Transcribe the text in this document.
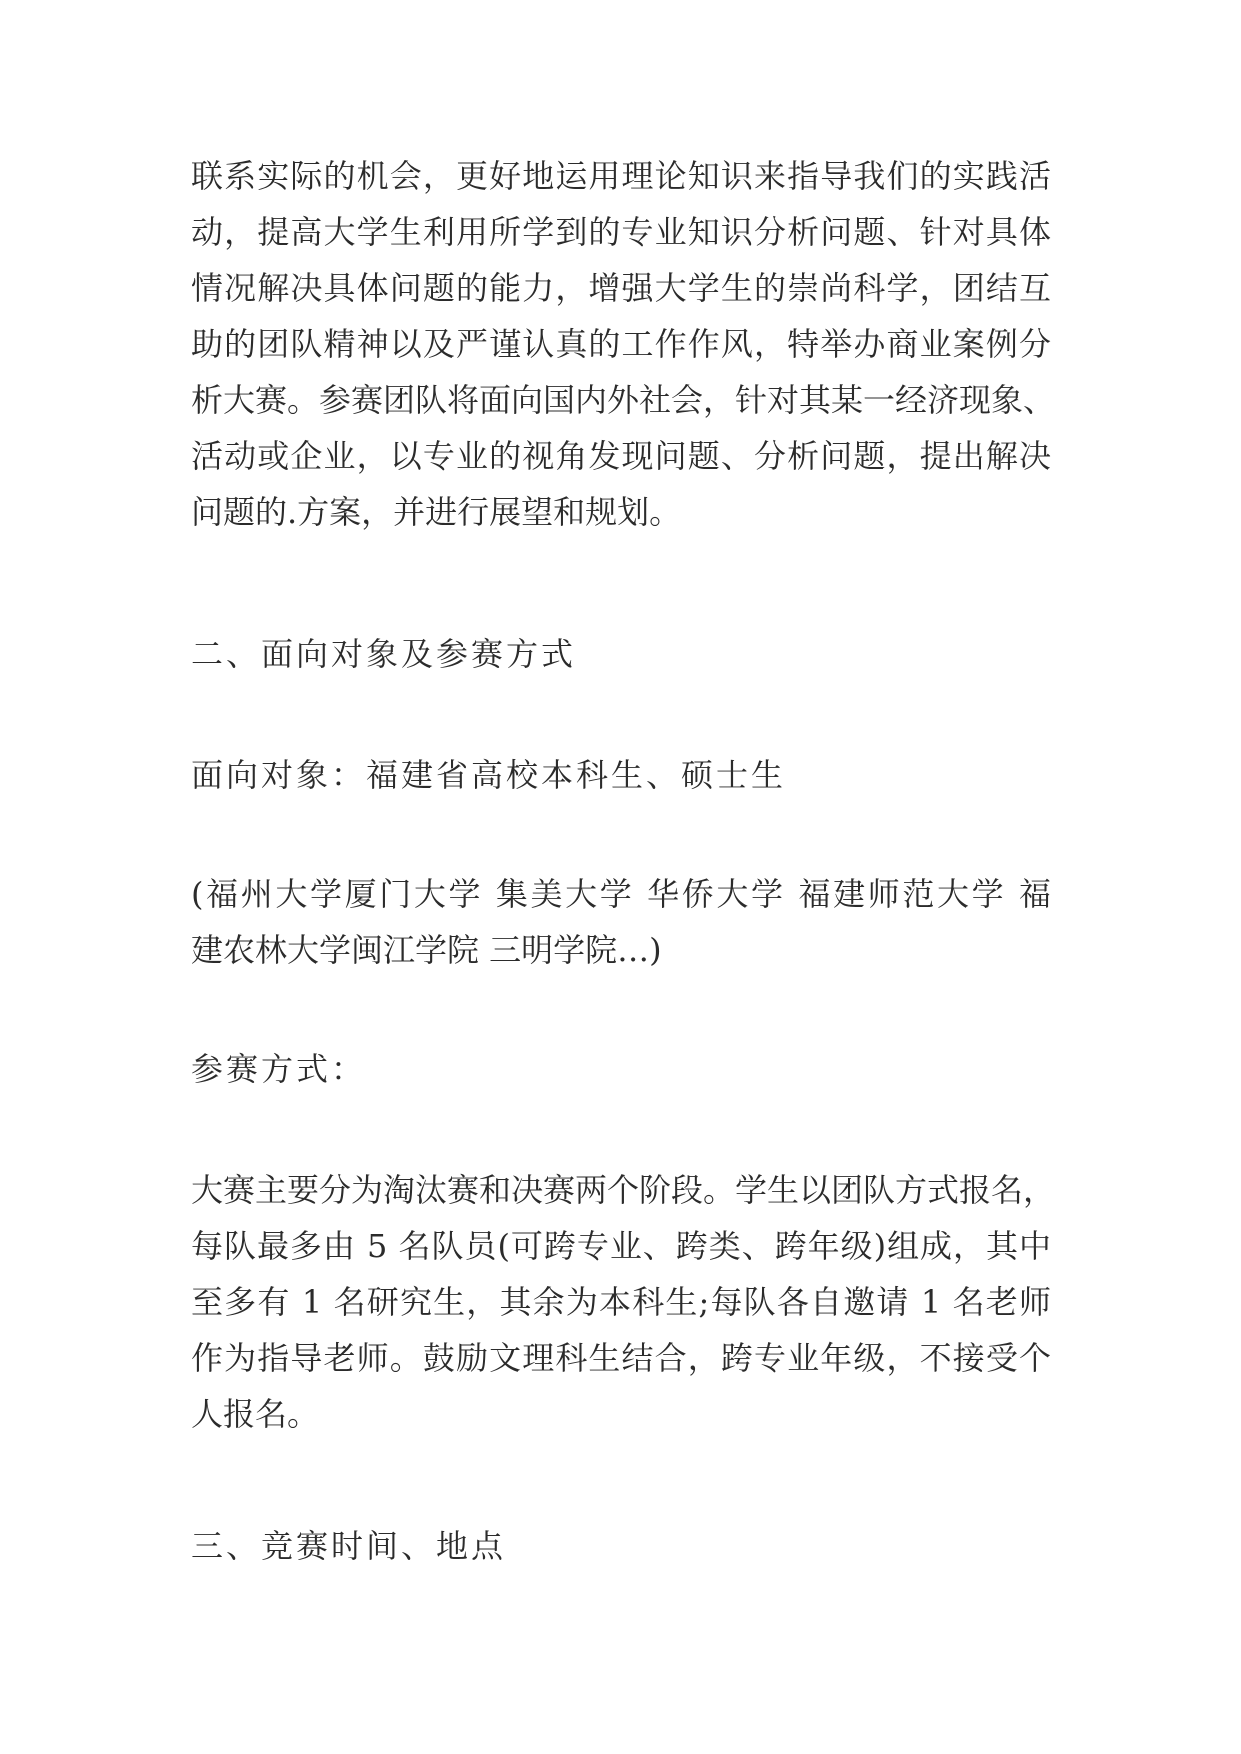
联系实际的机会，更好地运用理论知识来指导我们的实践活
动，提高大学生利用所学到的专业知识分析问题、针对具体
情况解决具体问题的能力，增强大学生的崇尚科学，团结互
助的团队精神以及严谨认真的工作作风，特举办商业案例分
析大赛。参赛团队将面向国内外社会，针对其某一经济现象、
活动或企业，以专业的视角发现问题、分析问题，提出解决
问题的.方案，并进行展望和规划。
二、面向对象及参赛方式
面向对象：福建省高校本科生、硕士生
(福州大学厦门大学 集美大学 华侨大学 福建师范大学 福
建农林大学闽江学院 三明学院…)
参赛方式：
大赛主要分为淘汰赛和决赛两个阶段。学生以团队方式报名，
每队最多由 5 名队员(可跨专业、跨类、跨年级)组成，其中
至多有 1 名研究生，其余为本科生;每队各自邀请 1 名老师
作为指导老师。鼓励文理科生结合，跨专业年级，不接受个
人报名。
三、竞赛时间、地点
